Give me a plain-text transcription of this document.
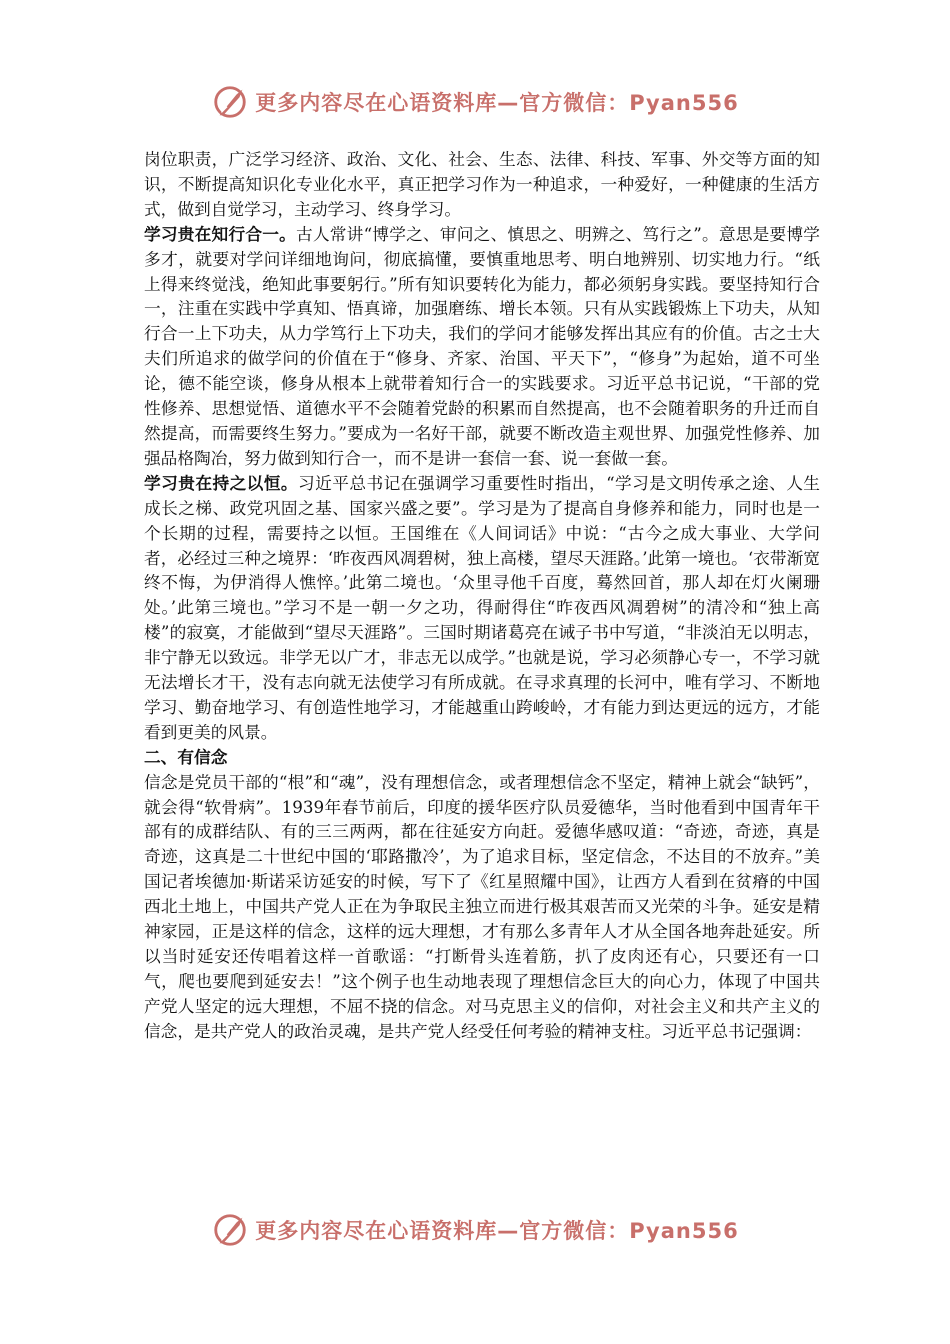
更多内容尽在心语资料库—官方微信：Pyan556

岗位职责，广泛学习经济、政治、文化、社会、生态、法律、科技、军事、外交等方面的知识，不断提高知识化专业化水平，真正把学习作为一种追求，一种爱好，一种健康的生活方式，做到自觉学习，主动学习、终身学习。

学习贵在知行合一。古人常讲“博学之、审问之、慎思之、明辨之、笃行之”。意思是要博学多才，就要对学问详细地询问，彻底搞懂，要慎重地思考、明白地辨别、切实地力行。“纸上得来终觉浅，绝知此事要躬行。”所有知识要转化为能力，都必须躬身实践。要坚持知行合一，注重在实践中学真知、悟真谛，加强磨练、增长本领。只有从实践锻炼上下功夫，从知行合一上下功夫，从力学笃行上下功夫，我们的学问才能够发挥出其应有的价值。古之士大夫们所追求的做学问的价值在于“修身、齐家、治国、平天下”，“修身”为起始，道不可坐论，德不能空谈，修身从根本上就带着知行合一的实践要求。习近平总书记说，“干部的党性修养、思想觉悟、道德水平不会随着党龄的积累而自然提高，也不会随着职务的升迁而自然提高，而需要终生努力。”要成为一名好干部，就要不断改造主观世界、加强党性修养、加强品格陶冶，努力做到知行合一，而不是讲一套信一套、说一套做一套。

学习贵在持之以恒。习近平总书记在强调学习重要性时指出，“学习是文明传承之途、人生成长之梯、政党巩固之基、国家兴盛之要”。学习是为了提高自身修养和能力，同时也是一个长期的过程，需要持之以恒。王国维在《人间词话》中说：“古今之成大事业、大学问者，必经过三种之境界：‘昨夜西风凋碧树，独上高楼，望尽天涯路。’此第一境也。‘衣带渐宽终不悔，为伊消得人憔悴。’此第二境也。‘众里寻他千百度，蓦然回首，那人却在灯火阑珊处。’此第三境也。”学习不是一朝一夕之功，得耐得住“昨夜西风凋碧树”的清冷和“独上高楼”的寂寞，才能做到“望尽天涯路”。三国时期诸葛亮在诫子书中写道，“非淡泊无以明志，非宁静无以致远。非学无以广才，非志无以成学。”也就是说，学习必须静心专一，不学习就无法增长才干，没有志向就无法使学习有所成就。在寻求真理的长河中，唯有学习、不断地学习、勤奋地学习、有创造性地学习，才能越重山跨峻岭，才有能力到达更远的远方，才能看到更美的风景。

二、有信念

信念是党员干部的“根”和“魂”，没有理想信念，或者理想信念不坚定，精神上就会“缺钙”，就会得“软骨病”。1939年春节前后，印度的援华医疗队员爱德华，当时他看到中国青年干部有的成群结队、有的三三两两，都在往延安方向赶。爱德华感叹道：“奇迹，奇迹，真是奇迹，这真是二十世纪中国的‘耶路撒冷’，为了追求目标，坚定信念，不达目的不放弃。”美国记者埃德加·斯诺采访延安的时候，写下了《红星照耀中国》，让西方人看到在贫瘠的中国西北土地上，中国共产党人正在为争取民主独立而进行极其艰苦而又光荣的斗争。延安是精神家园，正是这样的信念，这样的远大理想，才有那么多青年人才从全国各地奔赴延安。所以当时延安还传唱着这样一首歌谣：“打断骨头连着筋，扒了皮肉还有心，只要还有一口气，爬也要爬到延安去！”这个例子也生动地表现了理想信念巨大的向心力，体现了中国共产党人坚定的远大理想，不屈不挠的信念。对马克思主义的信仰，对社会主义和共产主义的信念，是共产党人的政治灵魂，是共产党人经受任何考验的精神支柱。习近平总书记强调：

更多内容尽在心语资料库—官方微信：Pyan556
